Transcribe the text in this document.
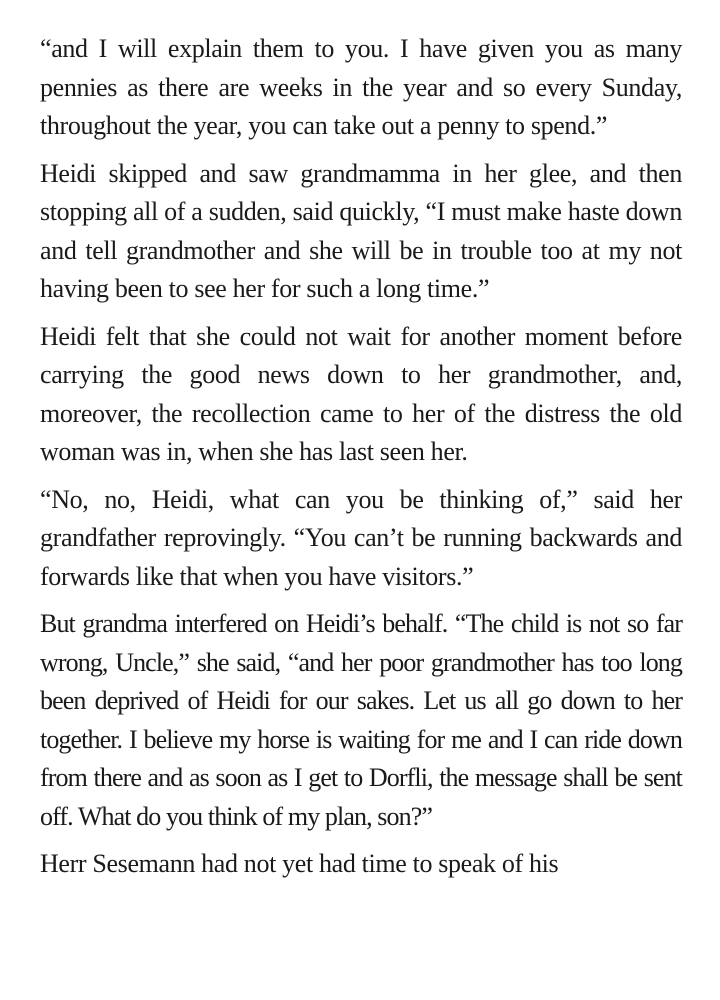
“and I will explain them to you. I have given you as many pennies as there are weeks in the year and so every Sunday, throughout the year, you can take out a penny to spend.”

Heidi skipped and saw grandmamma in her glee, and then stopping all of a sudden, said quickly, “I must make haste down and tell grandmother and she will be in trouble too at my not having been to see her for such a long time.”

Heidi felt that she could not wait for another moment before carrying the good news down to her grandmother, and, moreover, the recollection came to her of the distress the old woman was in, when she has last seen her.

“No, no, Heidi, what can you be thinking of,” said her grandfather reprovingly. “You can’t be running backwards and forwards like that when you have visitors.”

But grandma interfered on Heidi’s behalf. “The child is not so far wrong, Uncle,” she said, “and her poor grandmother has too long been deprived of Heidi for our sakes. Let us all go down to her together. I believe my horse is waiting for me and I can ride down from there and as soon as I get to Dorfli, the message shall be sent off. What do you think of my plan, son?”

Herr Sesemann had not yet had time to speak of his
